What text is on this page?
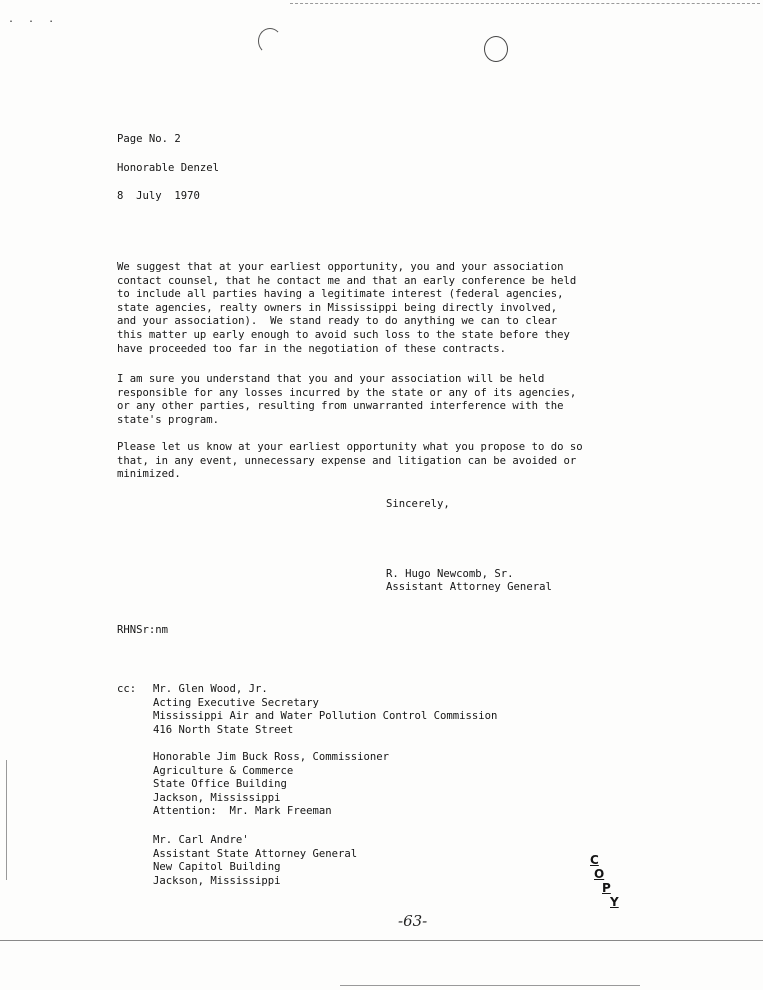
. . .
Page No. 2
Honorable Denzel
8  July  1970
We suggest that at your earliest opportunity, you and your association
contact counsel, that he contact me and that an early conference be held
to include all parties having a legitimate interest (federal agencies,
state agencies, realty owners in Mississippi being directly involved,
and your association).  We stand ready to do anything we can to clear
this matter up early enough to avoid such loss to the state before they
have proceeded too far in the negotiation of these contracts.
I am sure you understand that you and your association will be held
responsible for any losses incurred by the state or any of its agencies,
or any other parties, resulting from unwarranted interference with the
state's program.
Please let us know at your earliest opportunity what you propose to do so
that, in any event, unnecessary expense and litigation can be avoided or
minimized.
Sincerely,
R. Hugo Newcomb, Sr.
Assistant Attorney General
RHNSr:nm
cc: Mr. Glen Wood, Jr.
Acting Executive Secretary
Mississippi Air and Water Pollution Control Commission
416 North State Street
Honorable Jim Buck Ross, Commissioner
Agriculture & Commerce
State Office Building
Jackson, Mississippi
Attention:  Mr. Mark Freeman
Mr. Carl Andre'
Assistant State Attorney General
New Capitol Building
Jackson, Mississippi
C
O
P
Y
-63-
